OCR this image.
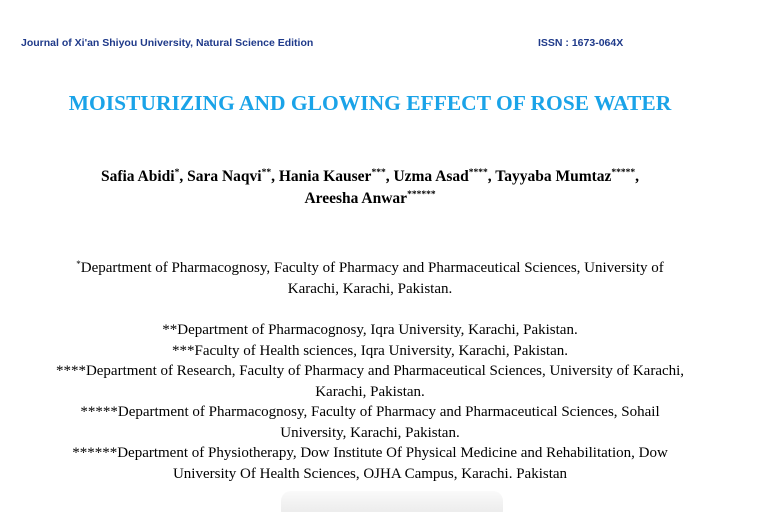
Journal of Xi'an Shiyou University, Natural Science Edition	ISSN : 1673-064X
MOISTURIZING AND GLOWING EFFECT OF ROSE WATER
Safia Abidi*, Sara Naqvi**, Hania Kauser***, Uzma Asad****, Tayyaba Mumtaz*****,
Areesha Anwar******

*Department of Pharmacognosy, Faculty of Pharmacy and Pharmaceutical Sciences, University of
Karachi, Karachi, Pakistan.

**Department of Pharmacognosy, Iqra University, Karachi, Pakistan.

***Faculty of Health sciences, Iqra University, Karachi, Pakistan.

****Department of Research, Faculty of Pharmacy and Pharmaceutical Sciences, University of Karachi,
Karachi, Pakistan.

*****Department of Pharmacognosy, Faculty of Pharmacy and Pharmaceutical Sciences, Sohail
University, Karachi, Pakistan.

******Department of Physiotherapy, Dow Institute Of Physical Medicine and Rehabilitation, Dow
University Of Health Sciences, OJHA Campus, Karachi. Pakistan
